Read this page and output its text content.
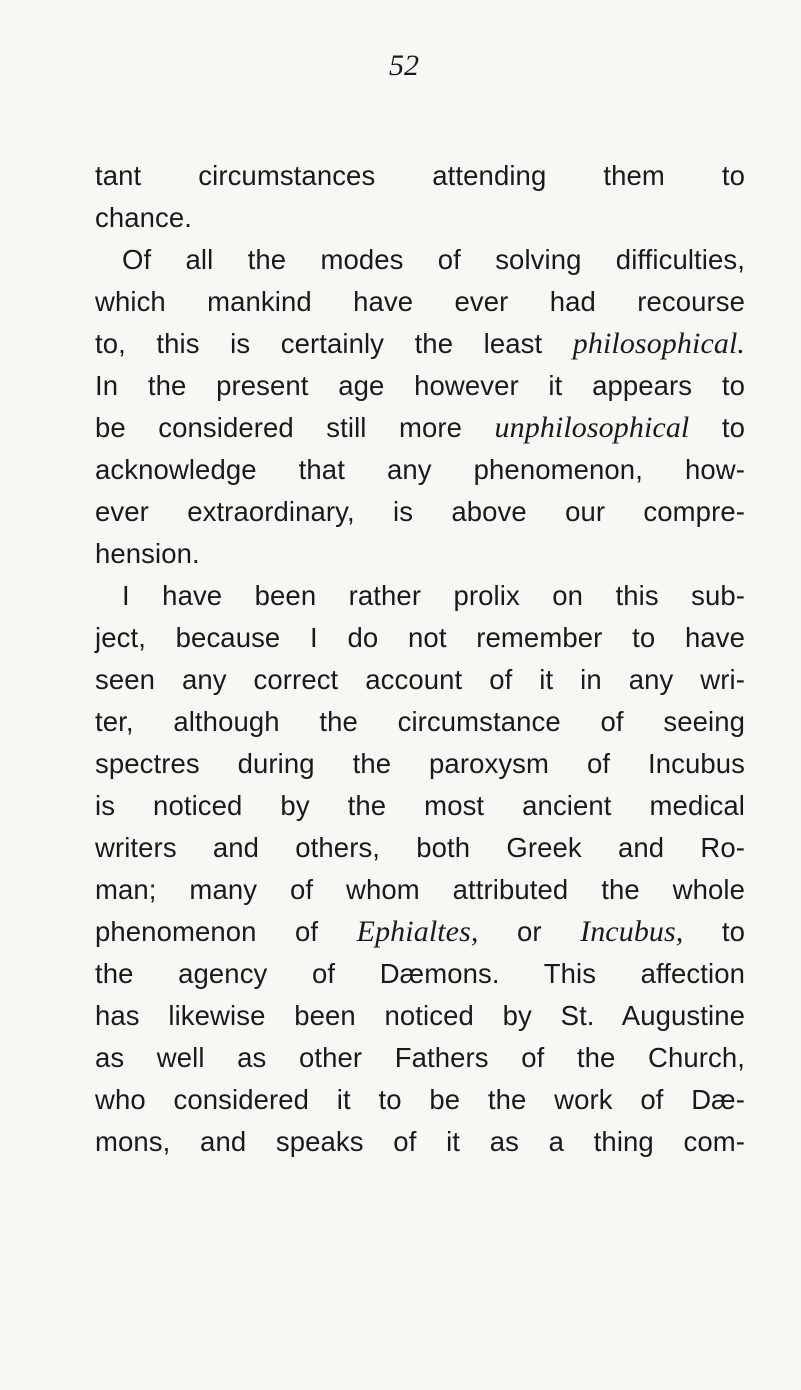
52
tant circumstances attending them to
chance.
Of all the modes of solving difficulties,
which mankind have ever had recourse
to, this is certainly the least philosophical.
In the present age however it appears to
be considered still more unphilosophical to
acknowledge that any phenomenon, how-
ever extraordinary, is above our compre-
hension.
I have been rather prolix on this sub-
ject, because I do not remember to have
seen any correct account of it in any wri-
ter, although the circumstance of seeing
spectres during the paroxysm of Incubus
is noticed by the most ancient medical
writers and others, both Greek and Ro-
man; many of whom attributed the whole
phenomenon of Ephialtes, or Incubus, to
the agency of Dæmons. This affection
has likewise been noticed by St. Augustine
as well as other Fathers of the Church,
who considered it to be the work of Dæ-
mons, and speaks of it as a thing com-
